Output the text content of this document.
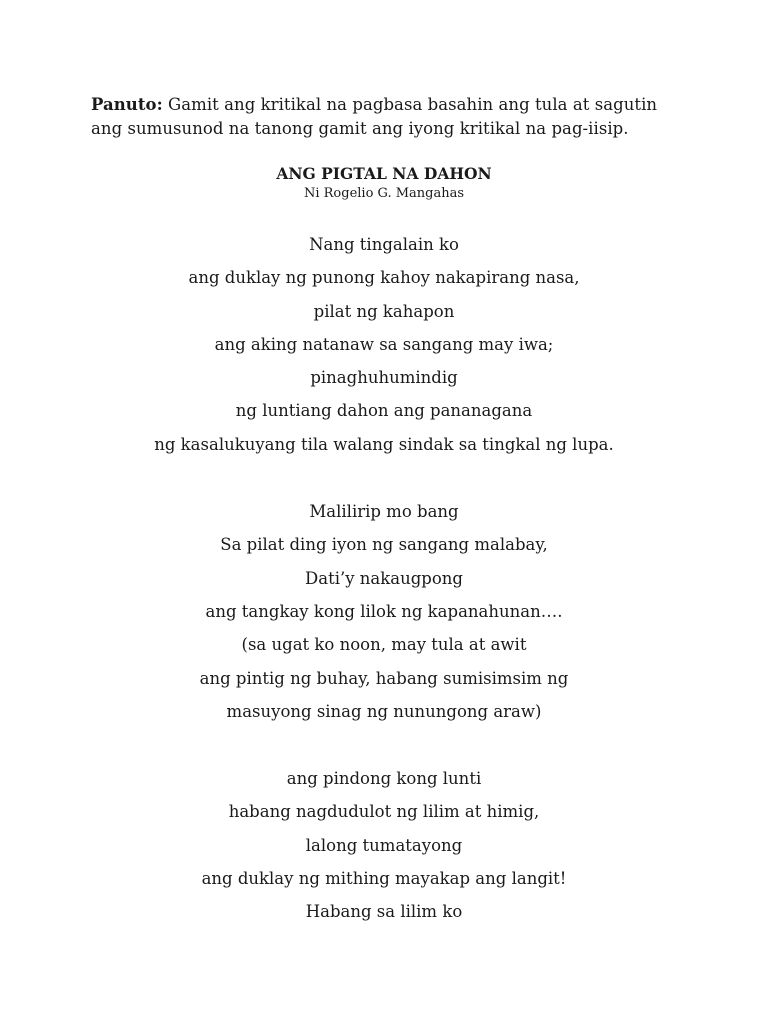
Panuto: Gamit ang kritikal na pagbasa basahin ang tula at sagutin ang sumusunod na tanong gamit ang iyong kritikal na pag-iisip.
ANG PIGTAL NA DAHON
Ni Rogelio G. Mangahas
Nang tingalain ko
ang duklay ng punong kahoy nakapirang nasa,
pilat ng kahapon
ang aking natanaw sa sangang may iwa;
pinaghuhumindig
ng luntiang dahon ang pananagana
ng kasalukuyang tila walang sindak sa tingkal ng lupa.
Malilirip mo bang
Sa pilat ding iyon ng sangang malabay,
Dati’y nakaugpong
ang tangkay kong lilok ng kapanahunan….
(sa ugat ko noon, may tula at awit
ang pintig ng buhay, habang sumisimsim ng
masuyong sinag ng nunungong araw)
ang pindong kong lunti
habang nagdudulot ng lilim at himig,
lalong tumatayong
ang duklay ng mithing mayakap ang langit!
Habang sa lilim ko
